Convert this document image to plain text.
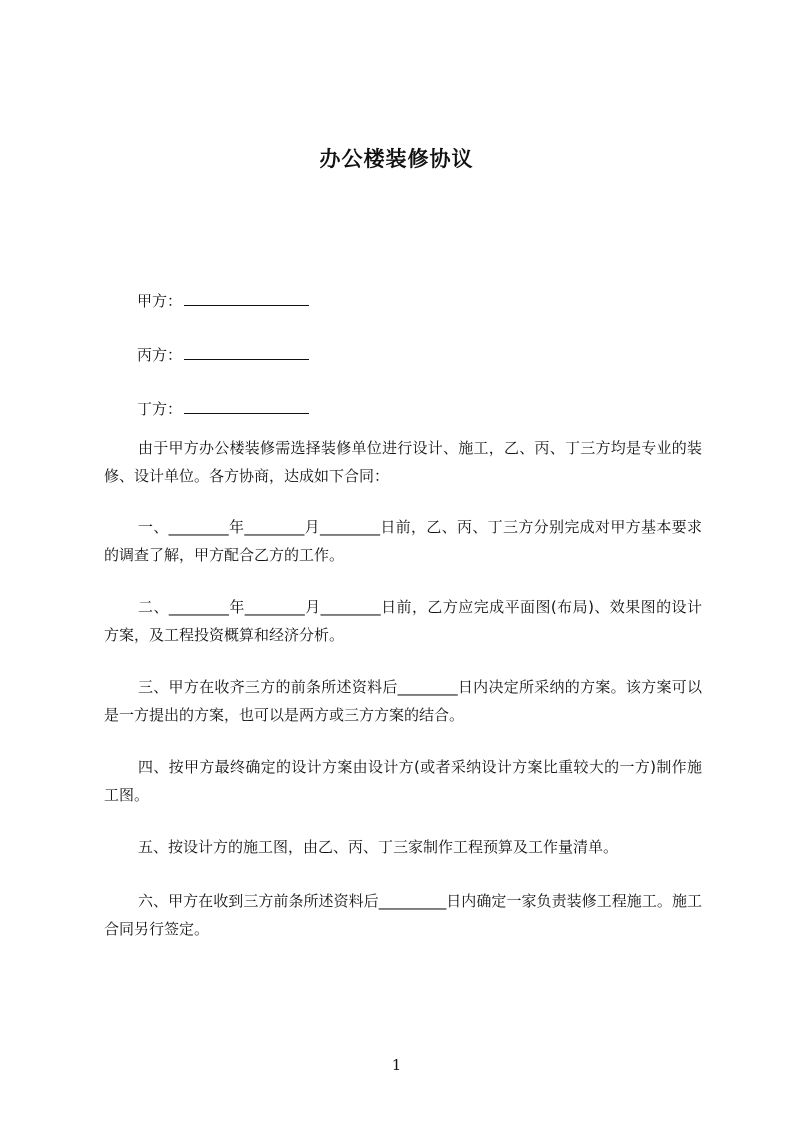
办公楼装修协议
甲方：
丙方：
丁方：

由于甲方办公楼装修需选择装修单位进行设计、施工，乙、丙、丁三方均是专业的装修、设计单位。各方协商，达成如下合同：

一、________年________月________日前，乙、丙、丁三方分别完成对甲方基本要求的调查了解，甲方配合乙方的工作。

二、________年________月________日前，乙方应完成平面图(布局)、效果图的设计方案，及工程投资概算和经济分析。

三、甲方在收齐三方的前条所述资料后________日内决定所采纳的方案。该方案可以是一方提出的方案，也可以是两方或三方方案的结合。

四、按甲方最终确定的设计方案由设计方(或者采纳设计方案比重较大的一方)制作施工图。

五、按设计方的施工图，由乙、丙、丁三家制作工程预算及工作量清单。

六、甲方在收到三方前条所述资料后_________日内确定一家负责装修工程施工。施工合同另行签定。

1
